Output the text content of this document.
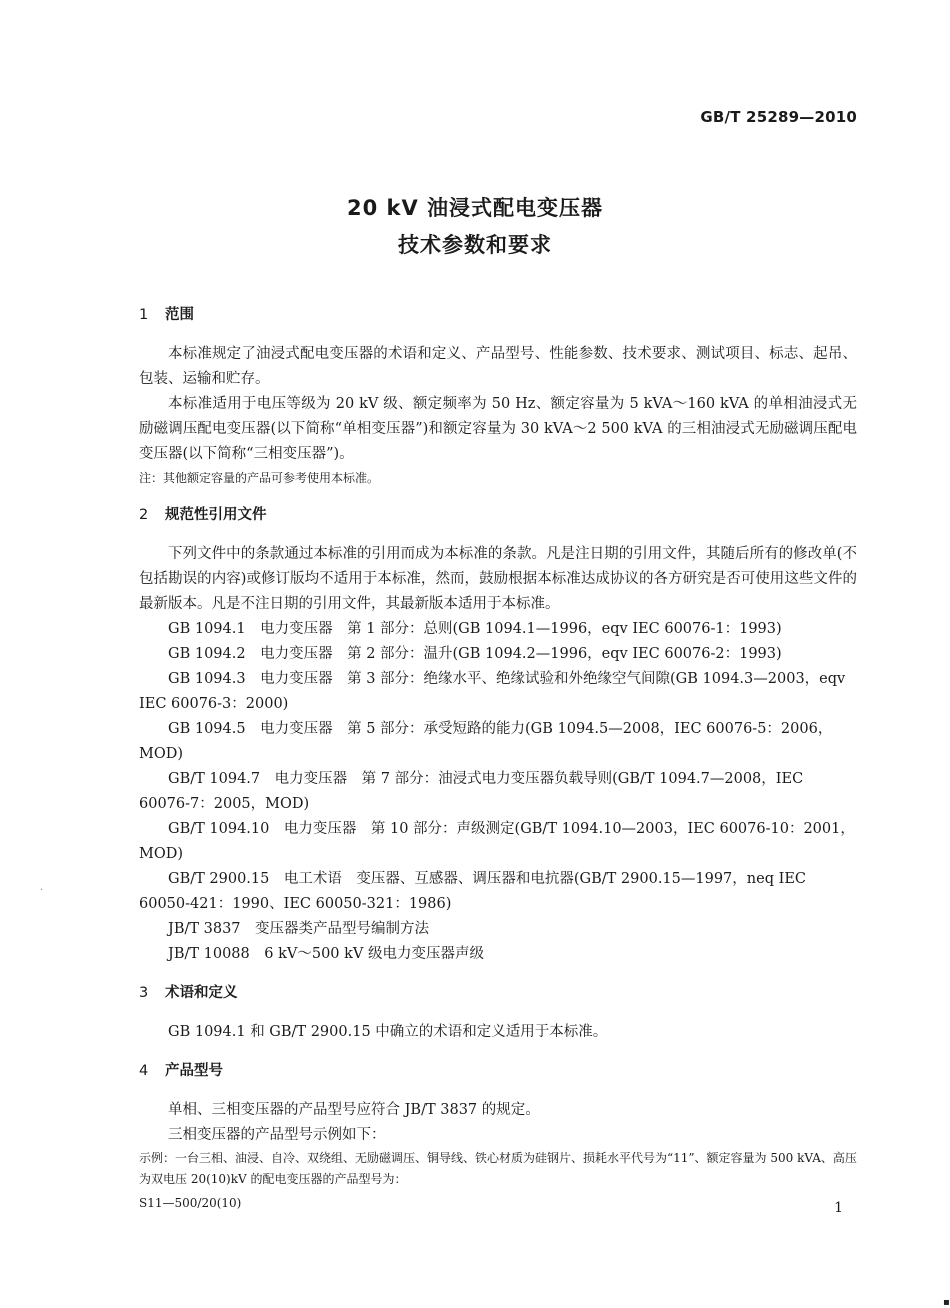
GB/T 25289—2010
20 kV 油浸式配电变压器
技术参数和要求

1 范围

本标准规定了油浸式配电变压器的术语和定义、产品型号、性能参数、技术要求、测试项目、标志、起吊、包装、运输和贮存。

本标准适用于电压等级为 20 kV 级、额定频率为 50 Hz、额定容量为 5 kVA～160 kVA 的单相油浸式无励磁调压配电变压器(以下简称“单相变压器”)和额定容量为 30 kVA～2 500 kVA 的三相油浸式无励磁调压配电变压器(以下简称“三相变压器”)。

注：其他额定容量的产品可参考使用本标准。

2 规范性引用文件

下列文件中的条款通过本标准的引用而成为本标准的条款。凡是注日期的引用文件，其随后所有的修改单(不包括勘误的内容)或修订版均不适用于本标准，然而，鼓励根据本标准达成协议的各方研究是否可使用这些文件的最新版本。凡是不注日期的引用文件，其最新版本适用于本标准。

GB 1094.1　电力变压器　第 1 部分：总则(GB 1094.1—1996，eqv IEC 60076-1：1993)

GB 1094.2　电力变压器　第 2 部分：温升(GB 1094.2—1996，eqv IEC 60076-2：1993)

GB 1094.3　电力变压器　第 3 部分：绝缘水平、绝缘试验和外绝缘空气间隙(GB 1094.3—2003，eqv IEC 60076-3：2000)

GB 1094.5　电力变压器　第 5 部分：承受短路的能力(GB 1094.5—2008，IEC 60076-5：2006，MOD)

GB/T 1094.7　电力变压器　第 7 部分：油浸式电力变压器负载导则(GB/T 1094.7—2008，IEC 60076-7：2005，MOD)

GB/T 1094.10　电力变压器　第 10 部分：声级测定(GB/T 1094.10—2003，IEC 60076-10：2001，MOD)

GB/T 2900.15　电工术语　变压器、互感器、调压器和电抗器(GB/T 2900.15—1997，neq IEC 60050-421：1990、IEC 60050-321：1986)

JB/T 3837　变压器类产品型号编制方法

JB/T 10088　6 kV～500 kV 级电力变压器声级

3 术语和定义

GB 1094.1 和 GB/T 2900.15 中确立的术语和定义适用于本标准。

4 产品型号

单相、三相变压器的产品型号应符合 JB/T 3837 的规定。

三相变压器的产品型号示例如下：

示例：一台三相、油浸、自冷、双绕组、无励磁调压、铜导线、铁心材质为硅钢片、损耗水平代号为“11”、额定容量为 500 kVA、高压为双电压 20(10)kV 的配电变压器的产品型号为：

S11—500/20(10)	1
·
▪
